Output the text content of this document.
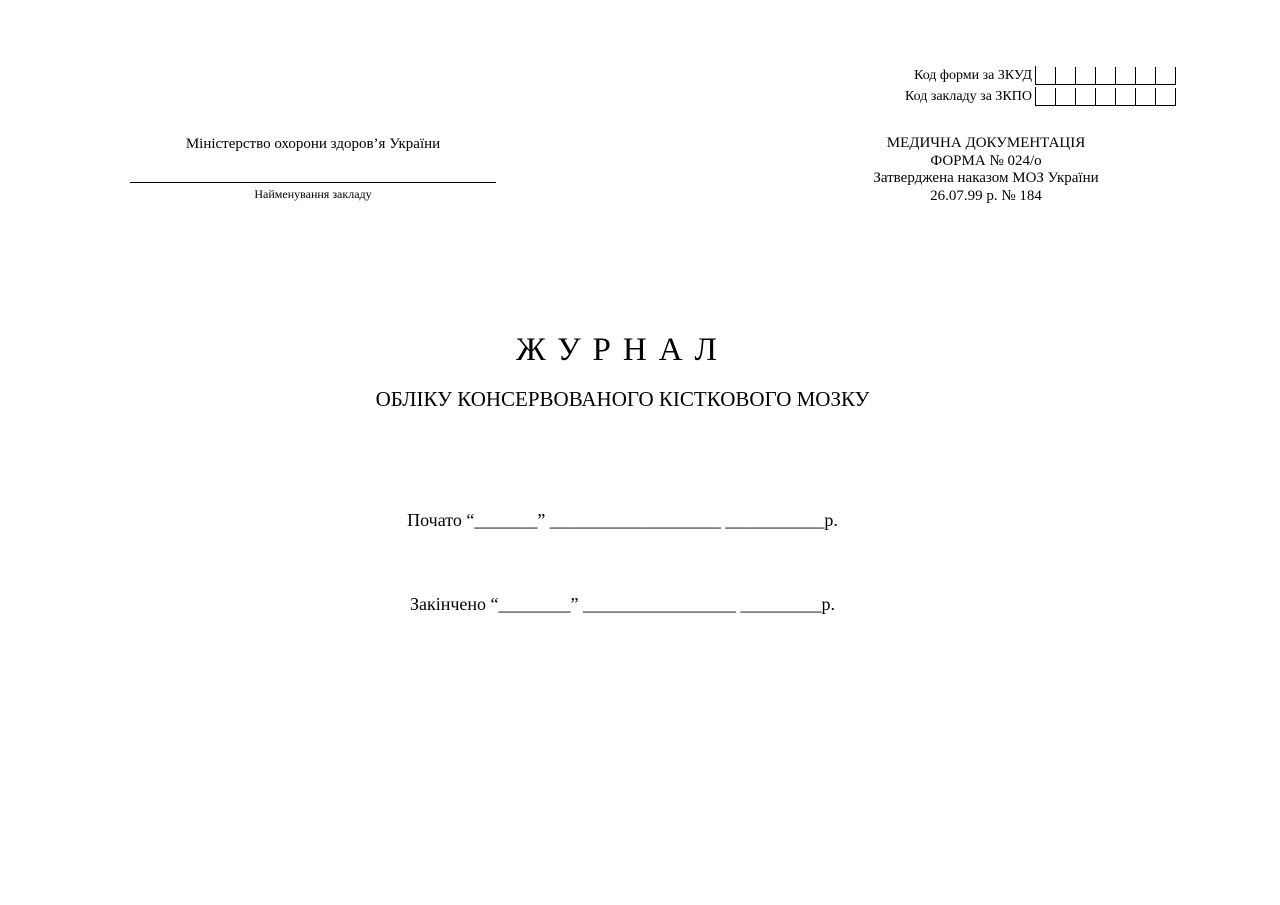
Код форми за ЗКУД
Код закладу за ЗКПО
Міністерство охорони здоров’я України
Найменування закладу
МЕДИЧНА ДОКУМЕНТАЦІЯ
ФОРМА № 024/о
Затверджена наказом МОЗ України
26.07.99 р. № 184
ЖУРНАЛ
ОБЛІКУ КОНСЕРВОВАНОГО КІСТКОВОГО МОЗКУ
Почато “_______” ___________________ ___________р.
Закінчено “________” _________________ _________р.
